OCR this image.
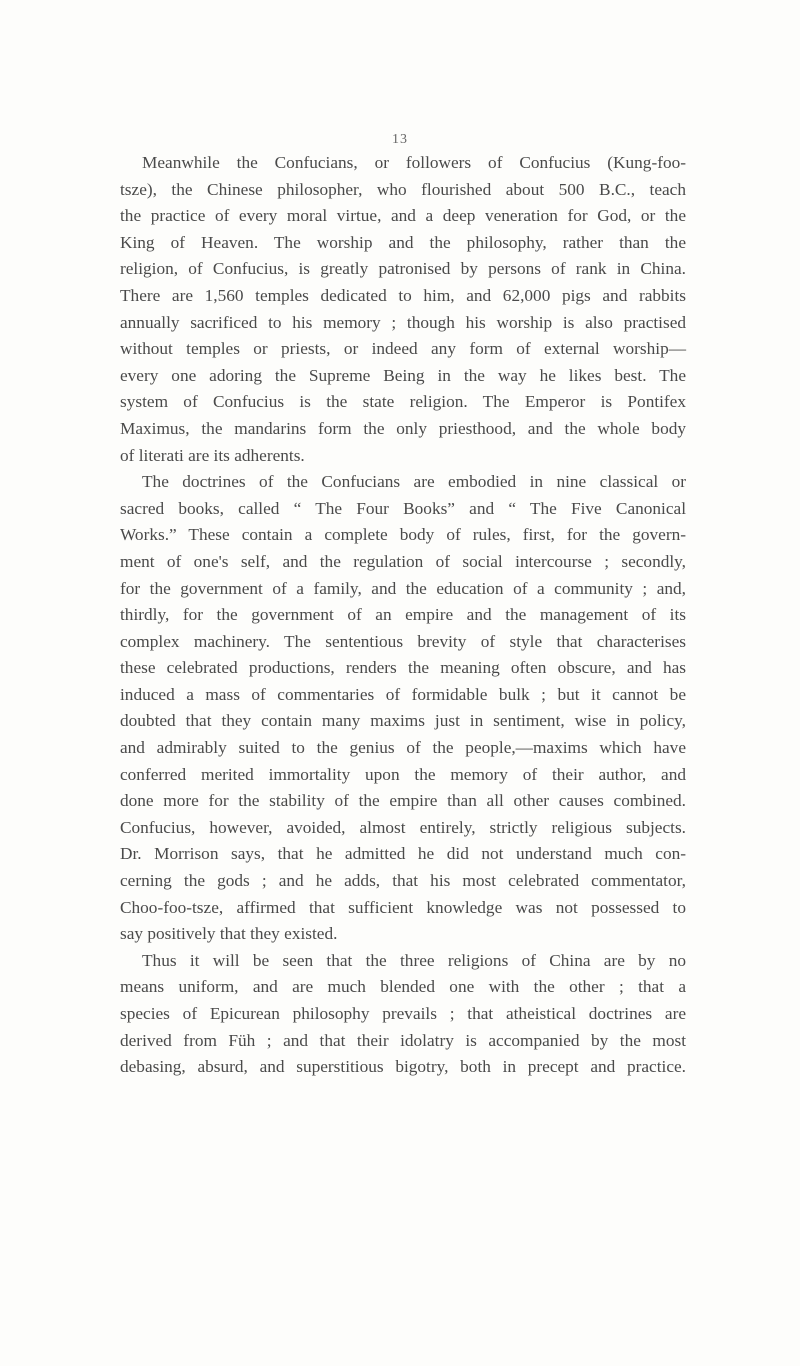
13
Meanwhile the Confucians, or followers of Confucius (Kung-foo-
tsze), the Chinese philosopher, who flourished about 500 B.C., teach
the practice of every moral virtue, and a deep veneration for God, or the
King of Heaven. The worship and the philosophy, rather than the
religion, of Confucius, is greatly patronised by persons of rank in China.
There are 1,560 temples dedicated to him, and 62,000 pigs and rabbits
annually sacrificed to his memory ; though his worship is also practised
without temples or priests, or indeed any form of external worship—
every one adoring the Supreme Being in the way he likes best. The
system of Confucius is the state religion. The Emperor is Pontifex
Maximus, the mandarins form the only priesthood, and the whole body
of literati are its adherents.
The doctrines of the Confucians are embodied in nine classical or
sacred books, called “ The Four Books” and “ The Five Canonical
Works.” These contain a complete body of rules, first, for the govern-
ment of one's self, and the regulation of social intercourse ; secondly,
for the government of a family, and the education of a community ; and,
thirdly, for the government of an empire and the management of its
complex machinery. The sententious brevity of style that characterises
these celebrated productions, renders the meaning often obscure, and has
induced a mass of commentaries of formidable bulk ; but it cannot be
doubted that they contain many maxims just in sentiment, wise in policy,
and admirably suited to the genius of the people,—maxims which have
conferred merited immortality upon the memory of their author, and
done more for the stability of the empire than all other causes combined.
Confucius, however, avoided, almost entirely, strictly religious subjects.
Dr. Morrison says, that he admitted he did not understand much con-
cerning the gods ; and he adds, that his most celebrated commentator,
Choo-foo-tsze, affirmed that sufficient knowledge was not possessed to
say positively that they existed.
Thus it will be seen that the three religions of China are by no
means uniform, and are much blended one with the other ; that a
species of Epicurean philosophy prevails ; that atheistical doctrines are
derived from Füh ; and that their idolatry is accompanied by the most
debasing, absurd, and superstitious bigotry, both in precept and practice.
